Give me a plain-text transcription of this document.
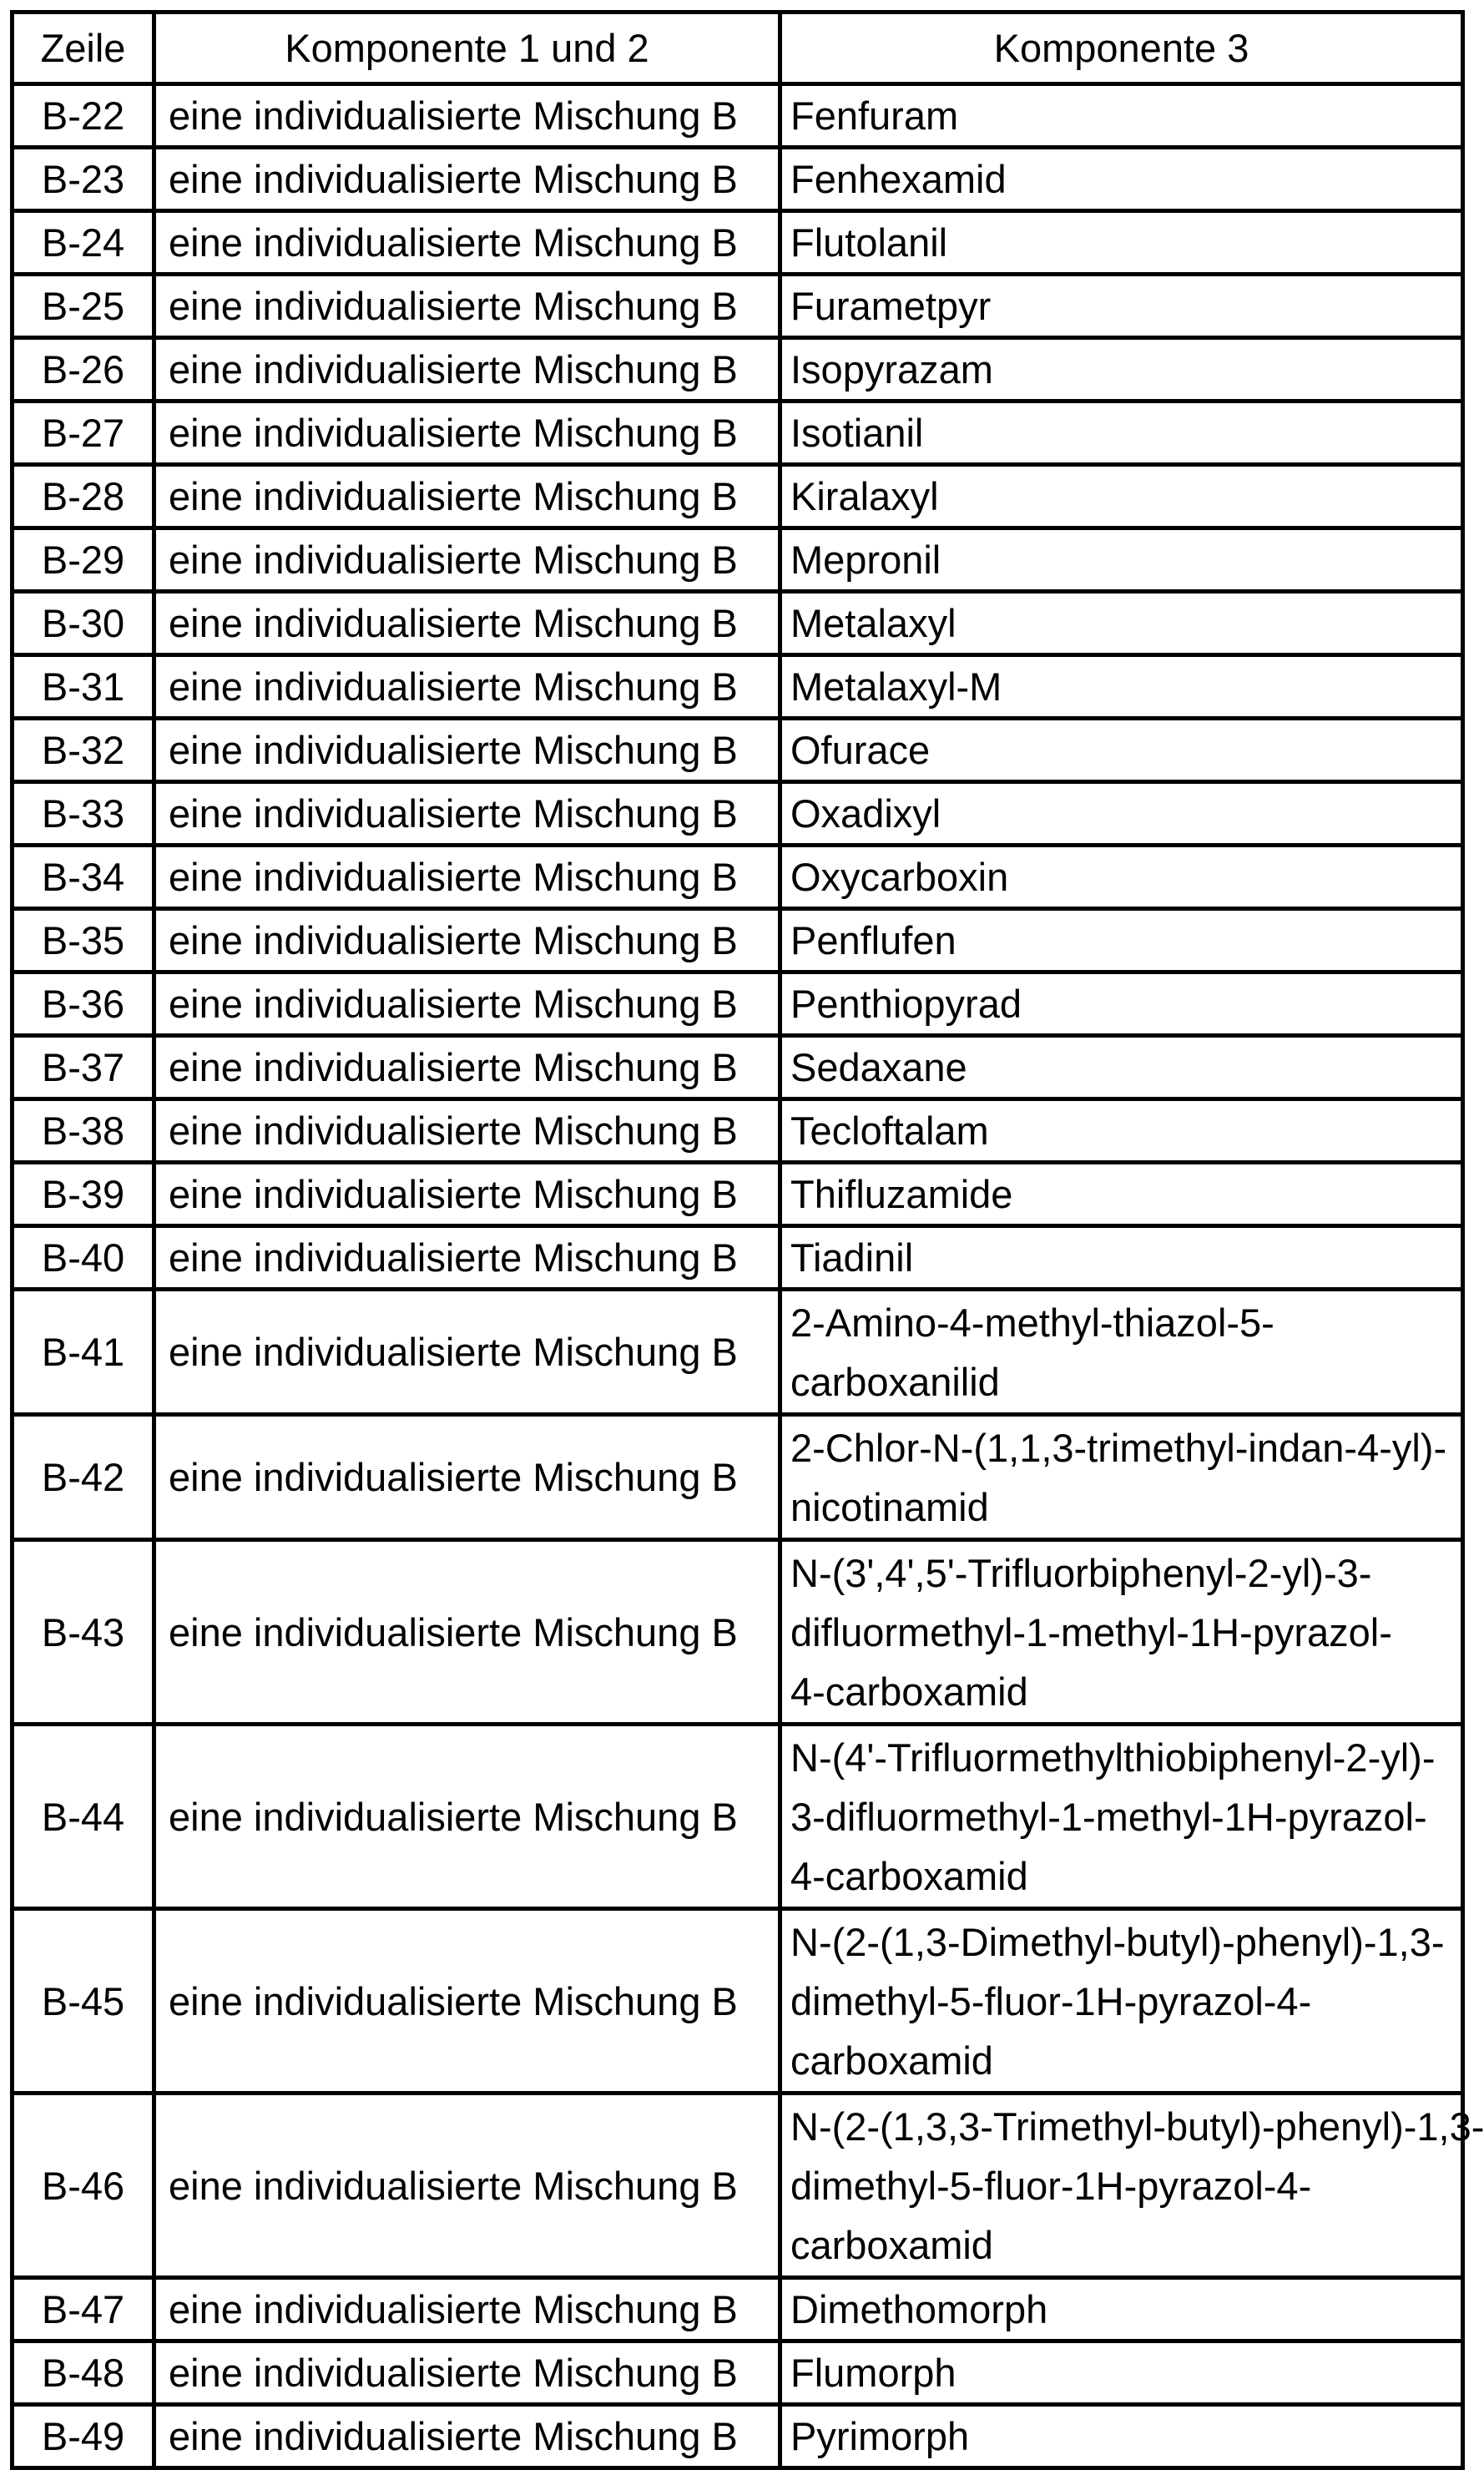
Zeile	Komponente 1 und 2	Komponente 3
B-22	eine individualisierte Mischung B	Fenfuram
B-23	eine individualisierte Mischung B	Fenhexamid
B-24	eine individualisierte Mischung B	Flutolanil
B-25	eine individualisierte Mischung B	Furametpyr
B-26	eine individualisierte Mischung B	Isopyrazam
B-27	eine individualisierte Mischung B	Isotianil
B-28	eine individualisierte Mischung B	Kiralaxyl
B-29	eine individualisierte Mischung B	Mepronil
B-30	eine individualisierte Mischung B	Metalaxyl
B-31	eine individualisierte Mischung B	Metalaxyl-M
B-32	eine individualisierte Mischung B	Ofurace
B-33	eine individualisierte Mischung B	Oxadixyl
B-34	eine individualisierte Mischung B	Oxycarboxin
B-35	eine individualisierte Mischung B	Penflufen
B-36	eine individualisierte Mischung B	Penthiopyrad
B-37	eine individualisierte Mischung B	Sedaxane
B-38	eine individualisierte Mischung B	Tecloftalam
B-39	eine individualisierte Mischung B	Thifluzamide
B-40	eine individualisierte Mischung B	Tiadinil
B-41	eine individualisierte Mischung B	2-Amino-4-methyl-thiazol-5-
carboxanilid
B-42	eine individualisierte Mischung B	2-Chlor-N-(1,1,3-trimethyl-indan-4-yl)-
nicotinamid
B-43	eine individualisierte Mischung B	N-(3',4',5'-Trifluorbiphenyl-2-yl)-3-
difluormethyl-1-methyl-1H-pyrazol-
4-carboxamid
B-44	eine individualisierte Mischung B	N-(4'-Trifluormethylthiobiphenyl-2-yl)-
3-difluormethyl-1-methyl-1H-pyrazol-
4-carboxamid
B-45	eine individualisierte Mischung B	N-(2-(1,3-Dimethyl-butyl)-phenyl)-1,3-
dimethyl-5-fluor-1H-pyrazol-4-
carboxamid
B-46	eine individualisierte Mischung B	N-(2-(1,3,3-Trimethyl-butyl)-phenyl)-1,3-
dimethyl-5-fluor-1H-pyrazol-4-
carboxamid
B-47	eine individualisierte Mischung B	Dimethomorph
B-48	eine individualisierte Mischung B	Flumorph
B-49	eine individualisierte Mischung B	Pyrimorph
